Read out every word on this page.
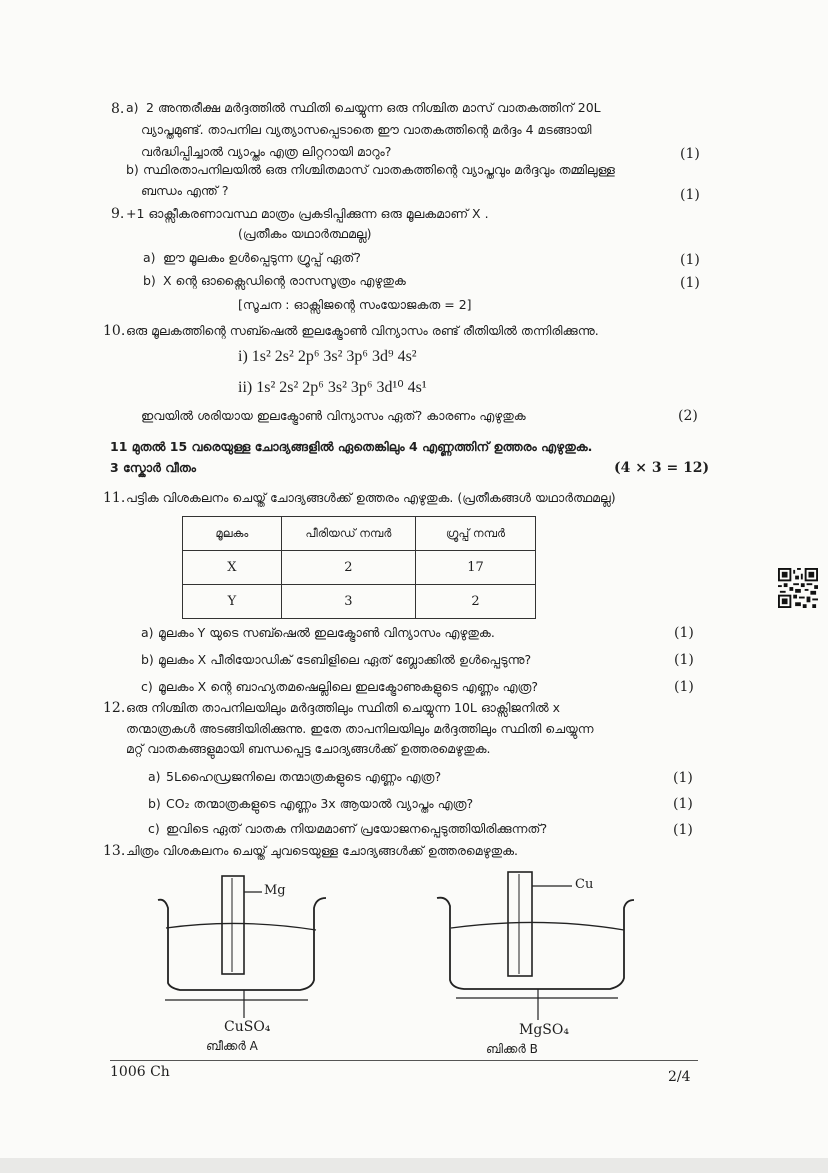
8. a) 2 അന്തരീക്ഷ മർദ്ദത്തിൽ സ്ഥിതി ചെയ്യുന്ന ഒരു നിശ്ചിത മാസ് വാതകത്തിന് 20L
വ്യാപ്തമുണ്ട്. താപനില വ്യത്യാസപ്പെടാതെ ഈ വാതകത്തിന്റെ മർദ്ദം 4 മടങ്ങായി
വർദ്ധിപ്പിച്ചാൽ വ്യാപ്തം എത്ര ലിറ്ററായി മാറും?	(1)
b) സ്ഥിരതാപനിലയിൽ ഒരു നിശ്ചിതമാസ് വാതകത്തിന്റെ വ്യാപ്തവും മർദ്ദവും തമ്മിലുള്ള
ബന്ധം എന്ത് ?	(1)
9. +1 ഓക്സീകരണാവസ്ഥ മാത്രം പ്രകടിപ്പിക്കുന്ന ഒരു മൂലകമാണ് X .
(പ്രതീകം യഥാർത്ഥമല്ല)
a) ഈ മൂലകം ഉൾപ്പെടുന്ന ഗ്രൂപ്പ് ഏത്?	(1)
b) X ന്റെ ഓക്സൈഡിന്റെ രാസസൂത്രം എഴുതുക	(1)
[സൂചന : ഓക്സിജന്റെ സംയോജകത = 2]
10. ഒരു മൂലകത്തിന്റെ സബ്ഷെൽ ഇലക്ട്രോൺ വിന്യാസം രണ്ട് രീതിയിൽ തന്നിരിക്കുന്നു.
i) 1s² 2s² 2p⁶ 3s² 3p⁶ 3d⁹ 4s²
ii) 1s² 2s² 2p⁶ 3s² 3p⁶ 3d¹⁰ 4s¹
ഇവയിൽ ശരിയായ ഇലക്ട്രോൺ വിന്യാസം ഏത്? കാരണം എഴുതുക	(2)
11 മുതൽ 15 വരെയുള്ള ചോദ്യങ്ങളിൽ ഏതെങ്കിലും 4 എണ്ണത്തിന് ഉത്തരം എഴുതുക.
3 സ്കോർ വീതം	(4 × 3 = 12)
11. പട്ടിക വിശകലനം ചെയ്ത് ചോദ്യങ്ങൾക്ക് ഉത്തരം എഴുതുക. (പ്രതീകങ്ങൾ യഥാർത്ഥമല്ല)
മൂലകം	പീരിയഡ് നമ്പർ	ഗ്രൂപ്പ് നമ്പർ
X	2	17
Y	3	2
a) മൂലകം Y യുടെ സബ്ഷെൽ ഇലക്ട്രോൺ വിന്യാസം എഴുതുക.	(1)
b) മൂലകം X പീരിയോഡിക് ടേബിളിലെ ഏത് ബ്ലോക്കിൽ ഉൾപ്പെടുന്നു?	(1)
c) മൂലകം X ന്റെ ബാഹ്യതമഷെല്ലിലെ ഇലക്ട്രോണുകളുടെ എണ്ണം എത്ര?	(1)
12. ഒരു നിശ്ചിത താപനിലയിലും മർദ്ദത്തിലും സ്ഥിതി ചെയ്യുന്ന 10L ഓക്സിജനിൽ x
തന്മാത്രകൾ അടങ്ങിയിരിക്കുന്നു. ഇതേ താപനിലയിലും മർദ്ദത്തിലും സ്ഥിതി ചെയ്യുന്ന
മറ്റ് വാതകങ്ങളുമായി ബന്ധപ്പെട്ട ചോദ്യങ്ങൾക്ക് ഉത്തരമെഴുതുക.
a) 5Lഹൈഡ്രജനിലെ തന്മാത്രകളുടെ എണ്ണം എത്ര?	(1)
b) CO₂ തന്മാത്രകളുടെ എണ്ണം 3x ആയാൽ വ്യാപ്തം എത്ര?	(1)
c) ഇവിടെ ഏത് വാതക നിയമമാണ് പ്രയോജനപ്പെടുത്തിയിരിക്കുന്നത്?	(1)
13. ചിത്രം വിശകലനം ചെയ്ത് ചുവടെയുള്ള ചോദ്യങ്ങൾക്ക് ഉത്തരമെഴുതുക.
Mg	Cu
CuSO₄	MgSO₄
ബീക്കർ A	ബിക്കർ B
1006 Ch	2/4
